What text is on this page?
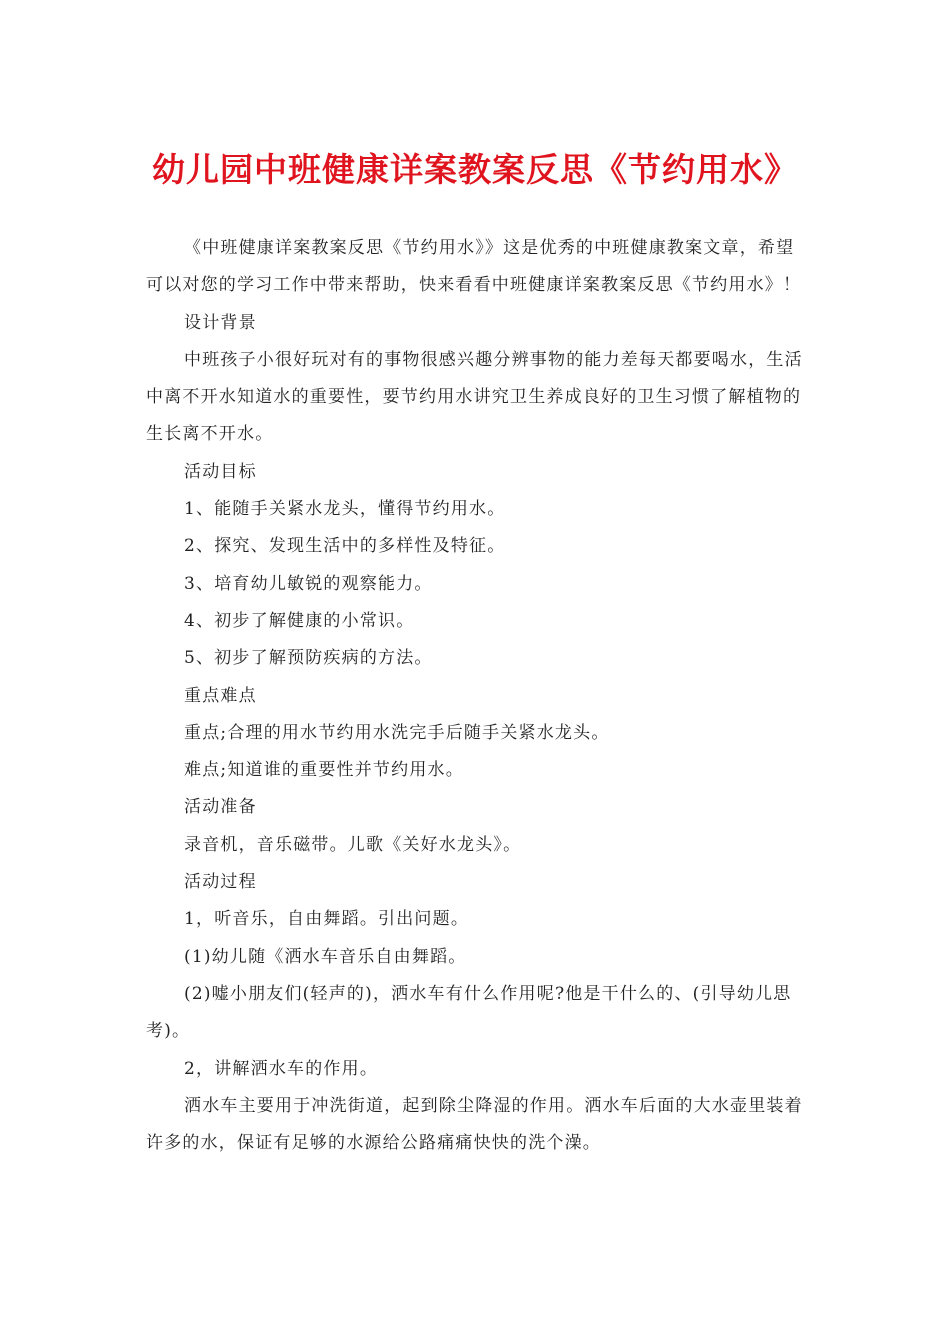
幼儿园中班健康详案教案反思《节约用水》

《中班健康详案教案反思《节约用水》》这是优秀的中班健康教案文章，希望可以对您的学习工作中带来帮助，快来看看中班健康详案教案反思《节约用水》！

设计背景

中班孩子小很好玩对有的事物很感兴趣分辨事物的能力差每天都要喝水，生活中离不开水知道水的重要性，要节约用水讲究卫生养成良好的卫生习惯了解植物的生长离不开水。

活动目标

1、能随手关紧水龙头，懂得节约用水。

2、探究、发现生活中的多样性及特征。

3、培育幼儿敏锐的观察能力。

4、初步了解健康的小常识。

5、初步了解预防疾病的方法。

重点难点

重点;合理的用水节约用水洗完手后随手关紧水龙头。

难点;知道谁的重要性并节约用水。

活动准备

录音机，音乐磁带。儿歌《关好水龙头》。

活动过程

1，听音乐，自由舞蹈。引出问题。

(1)幼儿随《洒水车音乐自由舞蹈。

(2)嘘小朋友们(轻声的)，洒水车有什么作用呢?他是干什么的、(引导幼儿思考)。

2，讲解洒水车的作用。

洒水车主要用于冲洗街道，起到除尘降湿的作用。洒水车后面的大水壶里装着许多的水，保证有足够的水源给公路痛痛快快的洗个澡。
